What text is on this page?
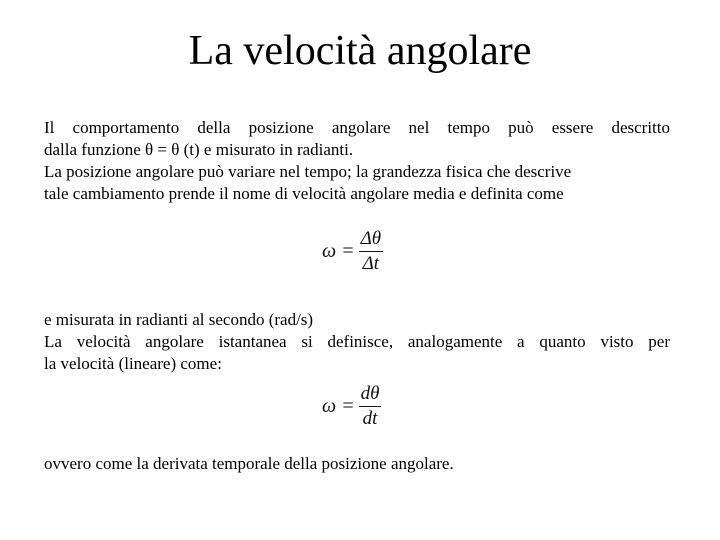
La velocità angolare
Il comportamento della posizione angolare nel tempo può essere descritto
dalla funzione θ = θ (t) e misurato in radianti.
La posizione angolare può variare nel tempo; la grandezza fisica che descrive
tale cambiamento prende il nome di velocità angolare media e definita come
$\omega = \frac{\Delta\theta}{\Delta t}$
e misurata in radianti al secondo (rad/s)
La velocità angolare istantanea si definisce, analogamente a quanto visto per
la velocità (lineare) come:
$\omega = \frac{d\theta}{dt}$
ovvero come la derivata temporale della posizione angolare.
